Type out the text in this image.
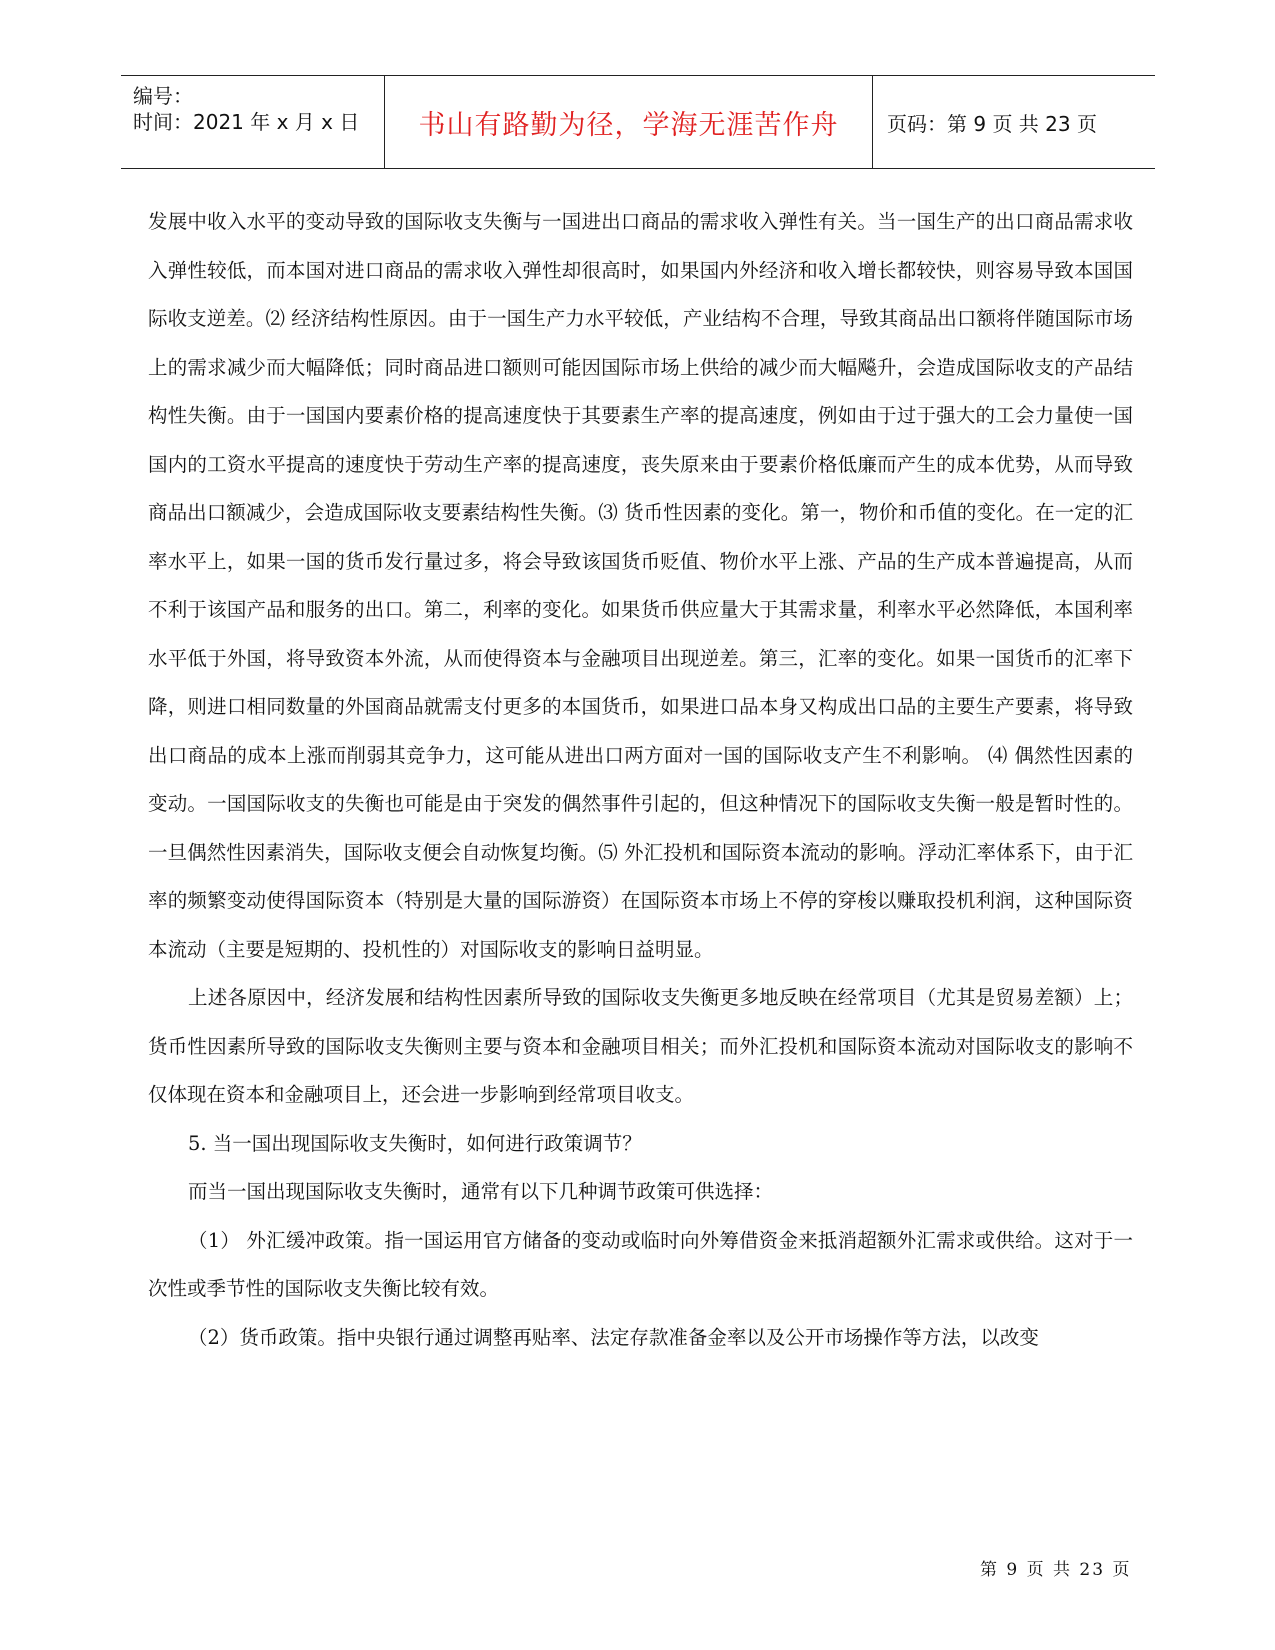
编号：
时间：2021 年 x 月 x 日	书山有路勤为径，学海无涯苦作舟	页码：第 9 页 共 23 页

发展中收入水平的变动导致的国际收支失衡与一国进出口商品的需求收入弹性有关。当一国生产的出口商品需求收入弹性较低，而本国对进口商品的需求收入弹性却很高时，如果国内外经济和收入增长都较快，则容易导致本国国际收支逆差。⑵ 经济结构性原因。由于一国生产力水平较低，产业结构不合理，导致其商品出口额将伴随国际市场上的需求减少而大幅降低；同时商品进口额则可能因国际市场上供给的减少而大幅飚升，会造成国际收支的产品结构性失衡。由于一国国内要素价格的提高速度快于其要素生产率的提高速度，例如由于过于强大的工会力量使一国国内的工资水平提高的速度快于劳动生产率的提高速度，丧失原来由于要素价格低廉而产生的成本优势，从而导致商品出口额减少，会造成国际收支要素结构性失衡。⑶ 货币性因素的变化。第一，物价和币值的变化。在一定的汇率水平上，如果一国的货币发行量过多，将会导致该国货币贬值、物价水平上涨、产品的生产成本普遍提高，从而不利于该国产品和服务的出口。第二，利率的变化。如果货币供应量大于其需求量，利率水平必然降低，本国利率水平低于外国，将导致资本外流，从而使得资本与金融项目出现逆差。第三，汇率的变化。如果一国货币的汇率下降，则进口相同数量的外国商品就需支付更多的本国货币，如果进口品本身又构成出口品的主要生产要素，将导致出口商品的成本上涨而削弱其竞争力，这可能从进出口两方面对一国的国际收支产生不利影响。 ⑷ 偶然性因素的变动。一国国际收支的失衡也可能是由于突发的偶然事件引起的，但这种情况下的国际收支失衡一般是暂时性的。一旦偶然性因素消失，国际收支便会自动恢复均衡。⑸ 外汇投机和国际资本流动的影响。浮动汇率体系下，由于汇率的频繁变动使得国际资本（特别是大量的国际游资）在国际资本市场上不停的穿梭以赚取投机利润，这种国际资本流动（主要是短期的、投机性的）对国际收支的影响日益明显。

上述各原因中，经济发展和结构性因素所导致的国际收支失衡更多地反映在经常项目（尤其是贸易差额）上；货币性因素所导致的国际收支失衡则主要与资本和金融项目相关；而外汇投机和国际资本流动对国际收支的影响不仅体现在资本和金融项目上，还会进一步影响到经常项目收支。

5. 当一国出现国际收支失衡时，如何进行政策调节？

而当一国出现国际收支失衡时，通常有以下几种调节政策可供选择：

（1） 外汇缓冲政策。指一国运用官方储备的变动或临时向外筹借资金来抵消超额外汇需求或供给。这对于一次性或季节性的国际收支失衡比较有效。

（2）货币政策。指中央银行通过调整再贴率、法定存款准备金率以及公开市场操作等方法，以改变

第 9 页 共 23 页
